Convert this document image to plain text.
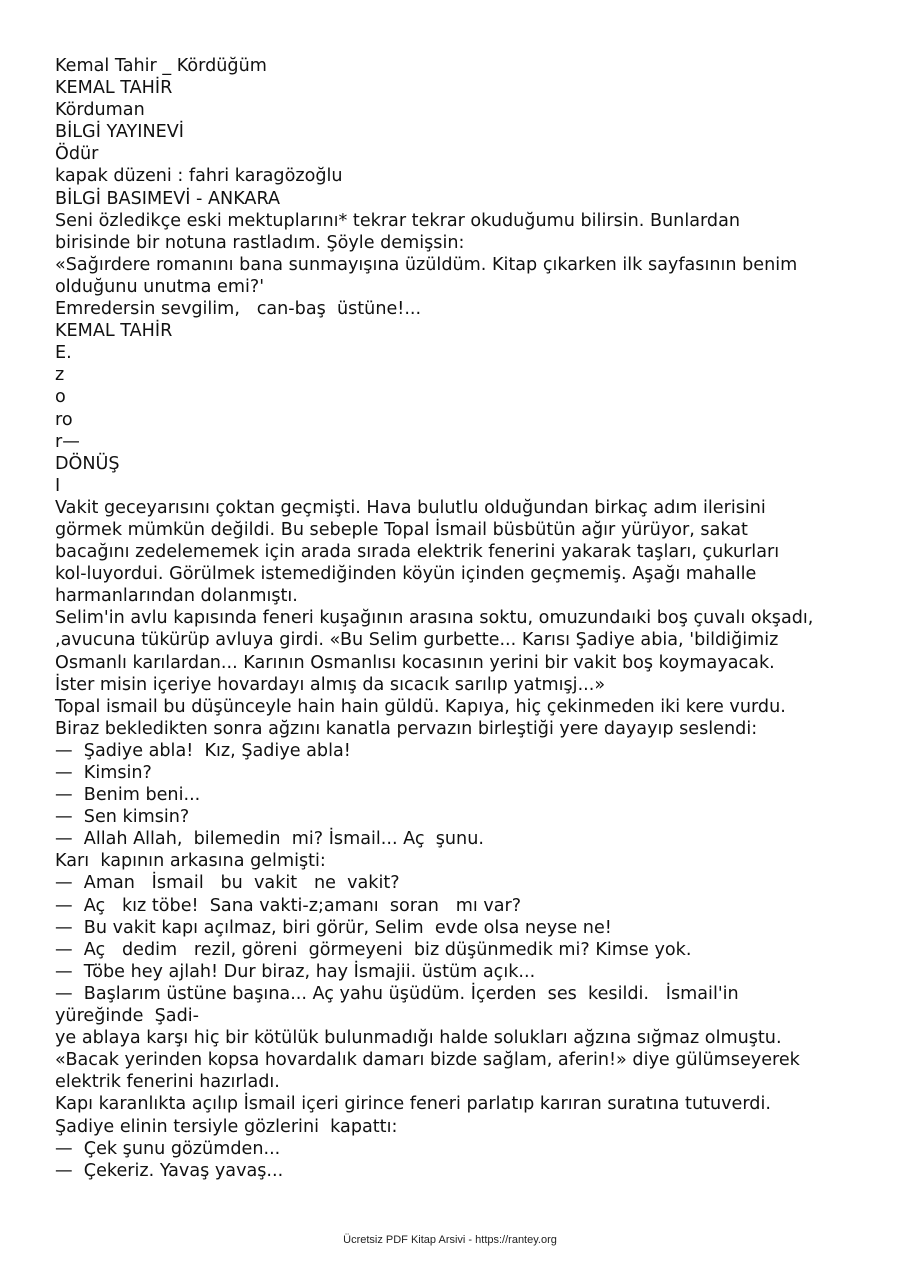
Kemal Tahir _ Kördüğüm
KEMAL TAHİR
Körduman
BİLGİ YAYINEVİ
Ödür
kapak düzeni : fahri karagözoğlu
BİLGİ BASIMEVİ - ANKARA
Seni özledikçe eski mektuplarını* tekrar tekrar okuduğumu bilirsin. Bunlardan
birisinde bir notuna rastladım. Şöyle demişsin:
«Sağırdere romanını bana sunmayışına üzüldüm. Kitap çıkarken ilk sayfasının benim
olduğunu unutma emi?'
Emredersin sevgilim,   can-baş  üstüne!...
KEMAL TAHİR
E.
z
o
ro
r—
DÖNÜŞ
I
Vakit geceyarısını çoktan geçmişti. Hava bulutlu olduğundan birkaç adım ilerisini
görmek mümkün değildi. Bu sebeple Topal İsmail büsbütün ağır yürüyor, sakat
bacağını zedelememek için arada sırada elektrik fenerini yakarak taşları, çukurları
kol-luyordui. Görülmek istemediğinden köyün içinden geçmemiş. Aşağı mahalle
harmanlarından dolanmıştı.
Selim'in avlu kapısında feneri kuşağının arasına soktu, omuzundaıki boş çuvalı okşadı,
,avucuna tükürüp avluya girdi. «Bu Selim gurbette... Karısı Şadiye abia, 'bildiğimiz
Osmanlı karılardan... Karının Osmanlısı kocasının yerini bir vakit boş koymayacak.
İster misin içeriye hovardayı almış da sıcacık sarılıp yatmışj...»
Topal ismail bu düşünceyle hain hain güldü. Kapıya, hiç çekinmeden iki kere vurdu.
Biraz bekledikten sonra ağzını kanatla pervazın birleştiği yere dayayıp seslendi:
—  Şadiye abla!  Kız, Şadiye abla!
—  Kimsin?
—  Benim beni...
—  Sen kimsin?
—  Allah Allah,  bilemedin  mi? İsmail... Aç  şunu.
Karı  kapının arkasına gelmişti:
—  Aman   İsmail   bu  vakit   ne  vakit?
—  Aç   kız töbe!  Sana vakti-z;amanı  soran   mı var?
—  Bu vakit kapı açılmaz, biri görür, Selim  evde olsa neyse ne!
—  Aç   dedim   rezil, göreni  görmeyeni  biz düşünmedik mi? Kimse yok.
—  Töbe hey ajlah! Dur biraz, hay İsmajii. üstüm açık...
—  Başlarım üstüne başına... Aç yahu üşüdüm. İçerden  ses  kesildi.   İsmail'in
yüreğinde  Şadi-
ye ablaya karşı hiç bir kötülük bulunmadığı halde solukları ağzına sığmaz olmuştu.
«Bacak yerinden kopsa hovardalık damarı bizde sağlam, aferin!» diye gülümseyerek
elektrik fenerini hazırladı.
Kapı karanlıkta açılıp İsmail içeri girince feneri parlatıp karıran suratına tutuverdi.
Şadiye elinin tersiyle gözlerini  kapattı:
—  Çek şunu gözümden...
—  Çekeriz. Yavaş yavaş...
Ücretsiz PDF Kitap Arsivi - https://rantey.org
